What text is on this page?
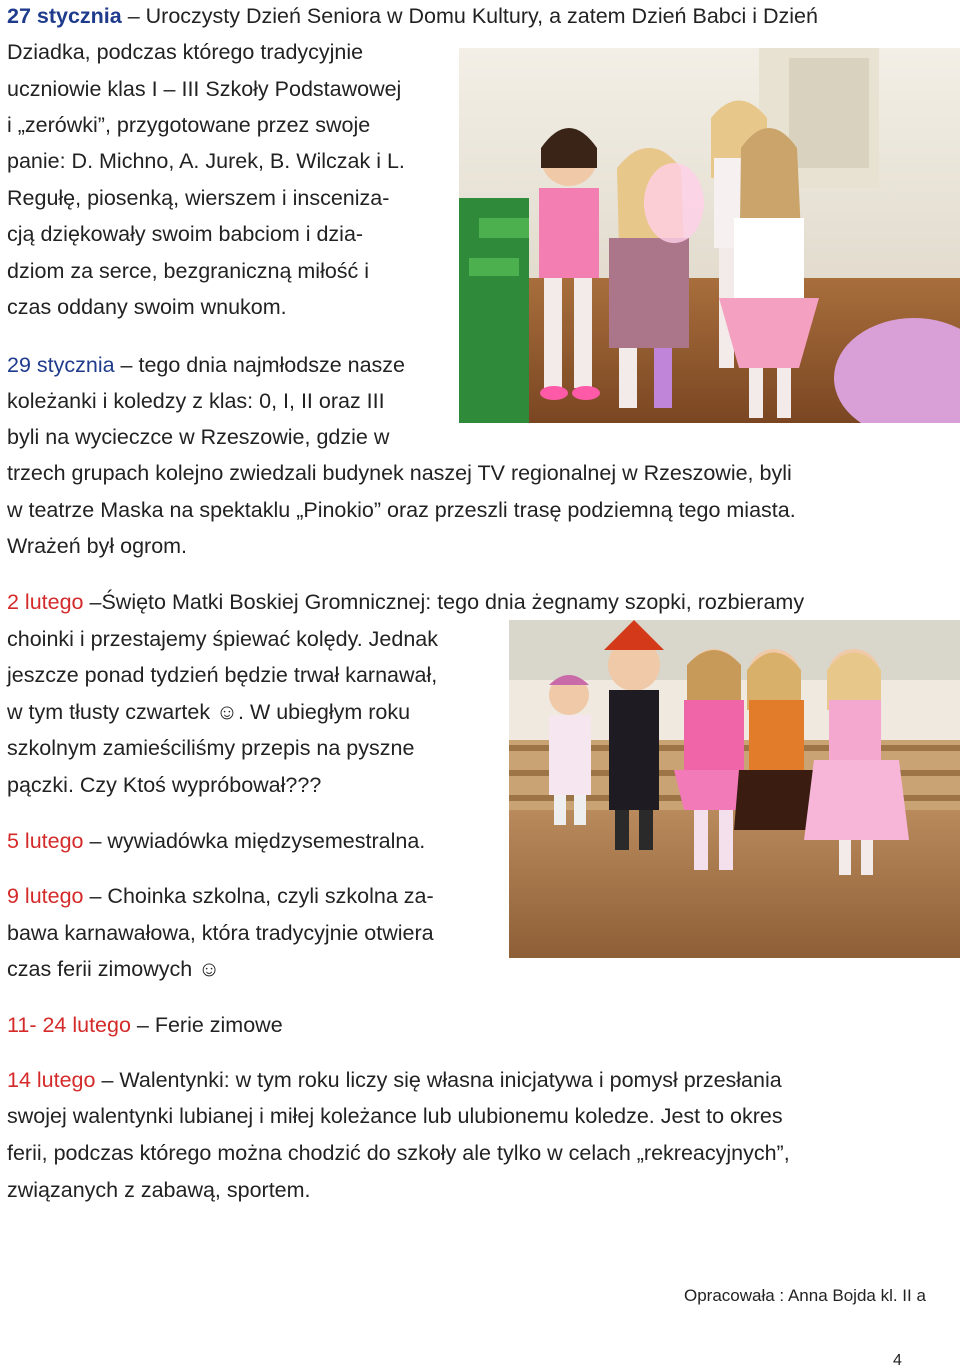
27 stycznia – Uroczysty Dzień Seniora w Domu Kultury, a zatem Dzień Babci i Dzień
Dziadka, podczas którego tradycyjnie
uczniowie klas I – III Szkoły Podstawowej
i „zerówki”, przygotowane przez swoje
panie: D. Michno, A. Jurek, B. Wilczak i L.
Regułę, piosenką, wierszem i insceniza-
cją dziękowały swoim babciom i dzia-
dziom za serce, bezgraniczną miłość i
czas oddany swoim wnukom.
29 stycznia – tego dnia najmłodsze nasze
koleżanki i koledzy z klas: 0, I, II oraz III
byli na wycieczce w Rzeszowie, gdzie w
trzech grupach kolejno zwiedzali budynek naszej TV regionalnej w Rzeszowie, byli
w teatrze Maska na spektaklu „Pinokio” oraz przeszli trasę podziemną tego miasta.
Wrażeń był ogrom.
2 lutego –Święto Matki Boskiej Gromnicznej: tego dnia żegnamy szopki, rozbieramy
choinki i przestajemy śpiewać kolędy. Jednak
jeszcze ponad tydzień będzie trwał karnawał,
w tym tłusty czwartek ☺. W ubiegłym roku
szkolnym zamieściliśmy przepis na pyszne
pączki. Czy Ktoś wypróbował???
5 lutego – wywiadówka międzysemestralna.
9 lutego – Choinka szkolna, czyli szkolna za-
bawa karnawałowa, która tradycyjnie otwiera
czas ferii zimowych ☺
11- 24 lutego – Ferie zimowe
14 lutego – Walentynki: w tym roku liczy się własna inicjatywa i pomysł przesłania
swojej walentynki lubianej i miłej koleżance lub ulubionemu koledze. Jest to okres
ferii, podczas którego można chodzić do szkoły ale tylko w celach „rekreacyjnych”,
związanych z zabawą, sportem.
Opracowała : Anna Bojda kl. II a
4
